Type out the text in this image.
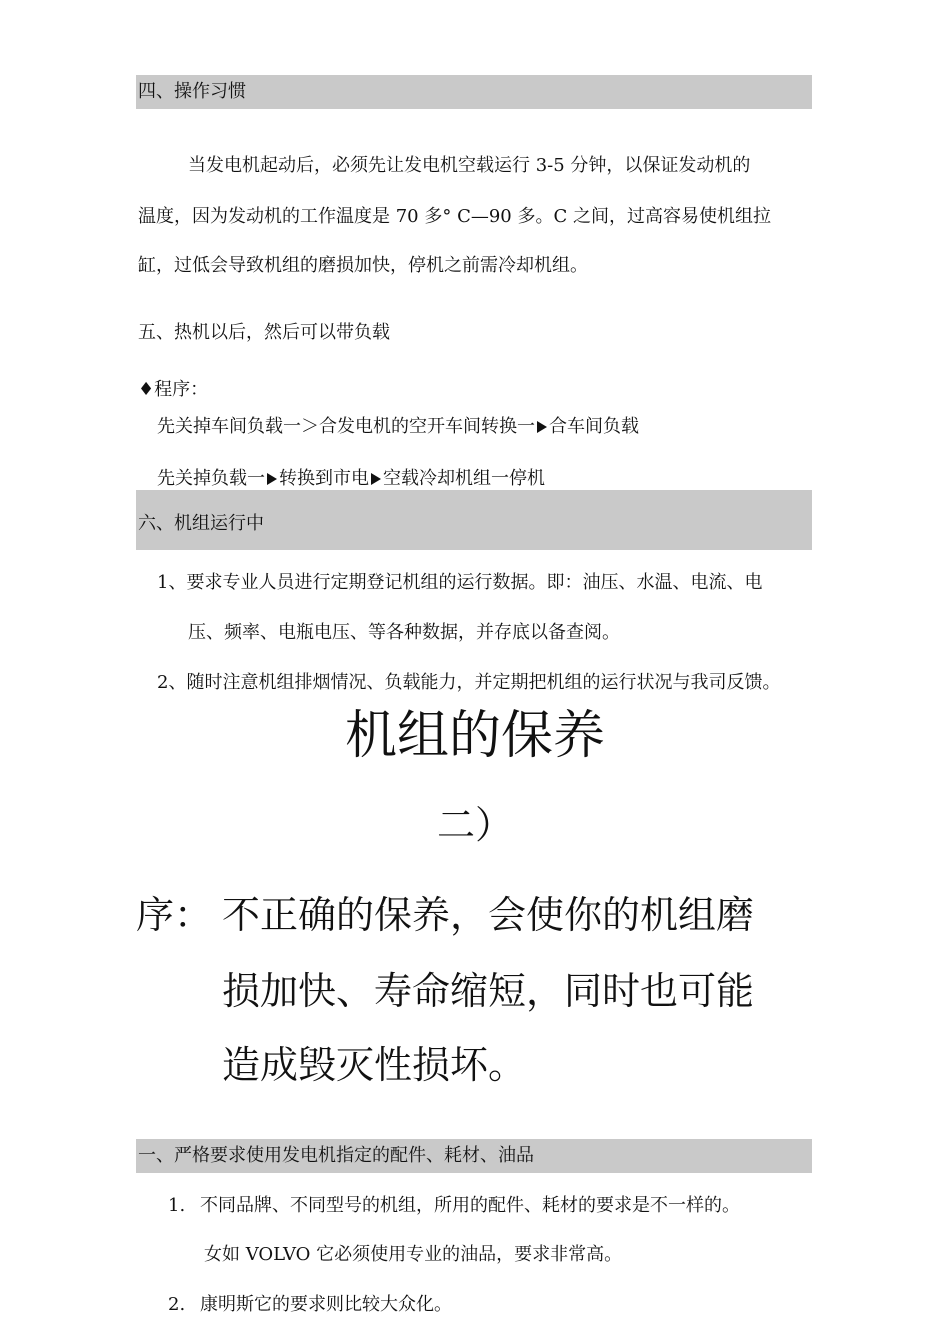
四、操作习惯
当发电机起动后，必须先让发电机空载运行 3-5 分钟，以保证发动机的
温度，因为发动机的工作温度是 70 多° C—90 多。C 之间，过高容易使机组拉
缸，过低会导致机组的磨损加快，停机之前需冷却机组。
五、热机以后，然后可以带负载
♦程序：
先关掉车间负载一＞合发电机的空开车间转换一 合车间负载
先关掉负载一 转换到市电 空载冷却机组一停机
六、机组运行中
1、要求专业人员进行定期登记机组的运行数据。即：油压、水温、电流、电
压、频率、电瓶电压、等各种数据，并存底以备查阅。
2、随时注意机组排烟情况、负载能力，并定期把机组的运行状况与我司反馈。
机组的保养
二）
序： 不正确的保养，会使你的机组磨
损加快、寿命缩短，同时也可能
造成毁灭性损坏。
一、严格要求使用发电机指定的配件、耗材、油品
1. 不同品牌、不同型号的机组，所用的配件、耗材的要求是不一样的。
女如 VOLVO 它必须使用专业的油品，要求非常高。
2. 康明斯它的要求则比较大众化。
